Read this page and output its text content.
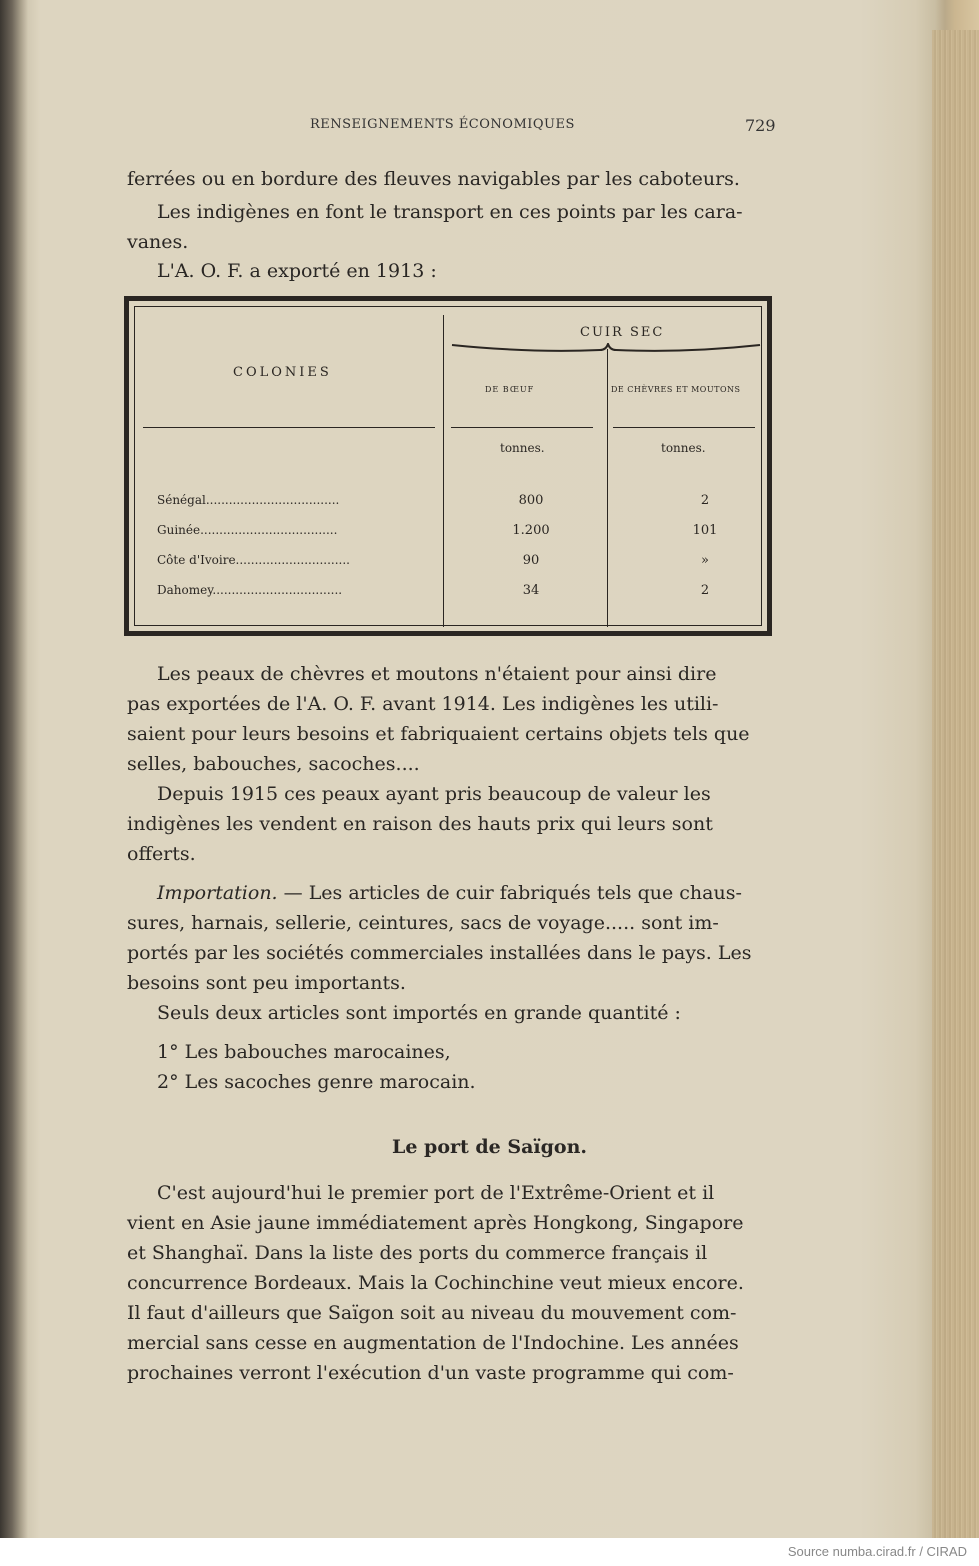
RENSEIGNEMENTS ÉCONOMIQUES	729

ferrées ou en bordure des fleuves navigables par les caboteurs.

Les indigènes en font le transport en ces points par les cara-
vanes.

L'A. O. F. a exporté en 1913 :

CUIR SEC
COLONIES
DE BŒUF	DE CHÈVRES ET MOUTONS
tonnes.	tonnes.
Sénégal...................................	800	2
Guinée....................................	1.200	101
Côte d'Ivoire..............................	90	»
Dahomey..................................	34	2

Les peaux de chèvres et moutons n'étaient pour ainsi dire
pas exportées de l'A. O. F. avant 1914. Les indigènes les utili-
saient pour leurs besoins et fabriquaient certains objets tels que
selles, babouches, sacoches....

Depuis 1915 ces peaux ayant pris beaucoup de valeur les
indigènes les vendent en raison des hauts prix qui leurs sont
offerts.

Importation. — Les articles de cuir fabriqués tels que chaus-
sures, harnais, sellerie, ceintures, sacs de voyage..... sont im-
portés par les sociétés commerciales installées dans le pays. Les
besoins sont peu importants.

Seuls deux articles sont importés en grande quantité :

1° Les babouches marocaines,
2° Les sacoches genre marocain.

Le port de Saïgon.

C'est aujourd'hui le premier port de l'Extrême-Orient et il
vient en Asie jaune immédiatement après Hongkong, Singapore
et Shanghaï. Dans la liste des ports du commerce français il
concurrence Bordeaux. Mais la Cochinchine veut mieux encore.
Il faut d'ailleurs que Saïgon soit au niveau du mouvement com-
mercial sans cesse en augmentation de l'Indochine. Les années
prochaines verront l'exécution d'un vaste programme qui com-

Source numba.cirad.fr / CIRAD
